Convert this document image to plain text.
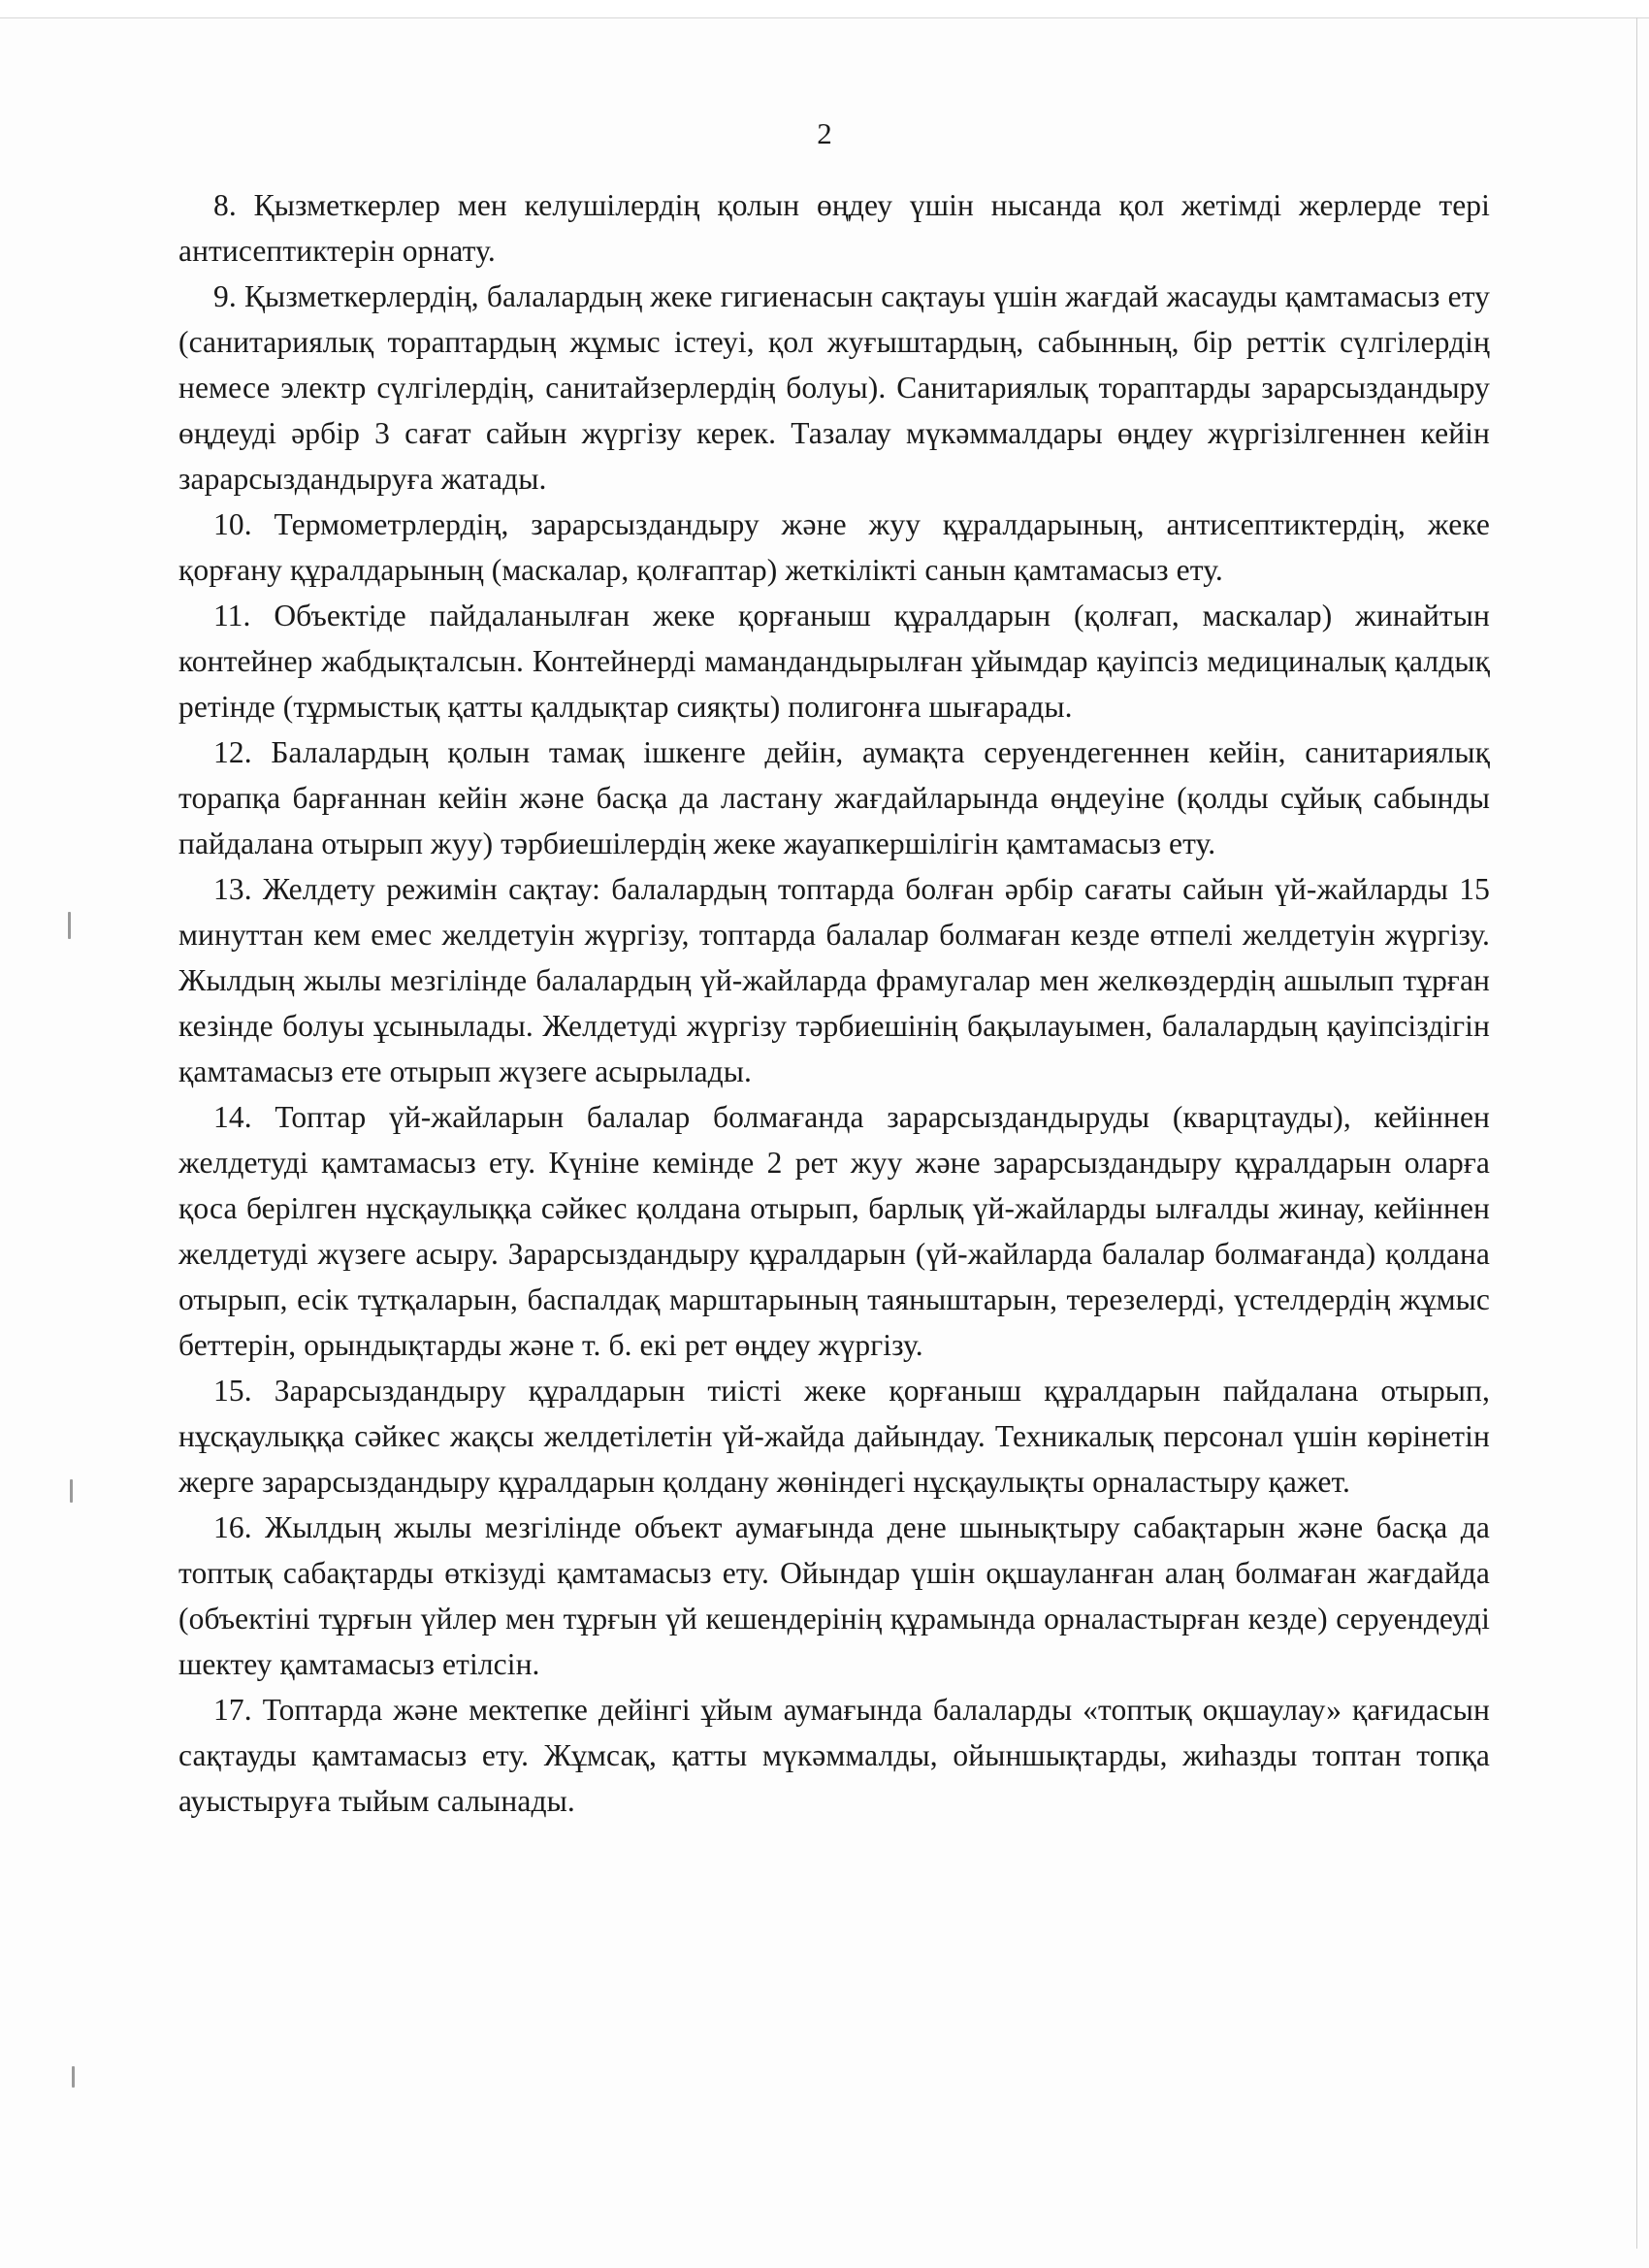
2

8. Қызметкерлер мен келушілердің қолын өңдеу үшін нысанда қол жетімді жерлерде тері антисептиктерін орнату.

9. Қызметкерлердің, балалардың жеке гигиенасын сақтауы үшін жағдай жасауды қамтамасыз ету (санитариялық тораптардың жұмыс істеуі, қол жуғыштардың, сабынның, бір реттік сүлгілердің немесе электр сүлгілердің, санитайзерлердің болуы). Санитариялық тораптарды зарарсыздандыру өңдеуді әрбір 3 сағат сайын жүргізу керек. Тазалау мүкәммалдары өңдеу жүргізілгеннен кейін зарарсыздандыруға жатады.

10. Термометрлердің, зарарсыздандыру және жуу құралдарының, антисептиктердің, жеке қорғану құралдарының (маскалар, қолғаптар) жеткілікті санын қамтамасыз ету.

11. Объектіде пайдаланылған жеке қорғаныш құралдарын (қолғап, маскалар) жинайтын контейнер жабдықталсын. Контейнерді мамандандырылған ұйымдар қауіпсіз медициналық қалдық ретінде (тұрмыстық қатты қалдықтар сияқты) полигонға шығарады.

12. Балалардың қолын тамақ ішкенге дейін, аумақта серуендегеннен кейін, санитариялық торапқа барғаннан кейін және басқа да ластану жағдайларында өңдеуіне (қолды сұйық сабынды пайдалана отырып жуу) тәрбиешілердің жеке жауапкершілігін қамтамасыз ету.

13. Желдету режимін сақтау: балалардың топтарда болған әрбір сағаты сайын үй-жайларды 15 минуттан кем емес желдетуін жүргізу, топтарда балалар болмаған кезде өтпелі желдетуін жүргізу. Жылдың жылы мезгілінде балалардың үй-жайларда фрамугалар мен желкөздердің ашылып тұрған кезінде болуы ұсынылады. Желдетуді жүргізу тәрбиешінің бақылауымен, балалардың қауіпсіздігін қамтамасыз ете отырып жүзеге асырылады.

14. Топтар үй-жайларын балалар болмағанда зарарсыздандыруды (кварцтауды), кейіннен желдетуді қамтамасыз ету. Күніне кемінде 2 рет жуу және зарарсыздандыру құралдарын оларға қоса берілген нұсқаулыққа сәйкес қолдана отырып, барлық үй-жайларды ылғалды жинау, кейіннен желдетуді жүзеге асыру. Зарарсыздандыру құралдарын (үй-жайларда балалар болмағанда) қолдана отырып, есік тұтқаларын, баспалдақ марштарының таяныштарын, терезелерді, үстелдердің жұмыс беттерін, орындықтарды және т. б. екі рет өңдеу жүргізу.

15. Зарарсыздандыру құралдарын тиісті жеке қорғаныш құралдарын пайдалана отырып, нұсқаулыққа сәйкес жақсы желдетілетін үй-жайда дайындау. Техникалық персонал үшін көрінетін жерге зарарсыздандыру құралдарын қолдану жөніндегі нұсқаулықты орналастыру қажет.

16. Жылдың жылы мезгілінде объект аумағында дене шынықтыру сабақтарын және басқа да топтық сабақтарды өткізуді қамтамасыз ету. Ойындар үшін оқшауланған алаң болмаған жағдайда (объектіні тұрғын үйлер мен тұрғын үй кешендерінің құрамында орналастырған кезде) серуендеуді шектеу қамтамасыз етілсін.

17. Топтарда және мектепке дейінгі ұйым аумағында балаларды «топтық оқшаулау» қағидасын сақтауды қамтамасыз ету. Жұмсақ, қатты мүкәммалды, ойыншықтарды, жиһазды топтан топқа ауыстыруға тыйым салынады.
